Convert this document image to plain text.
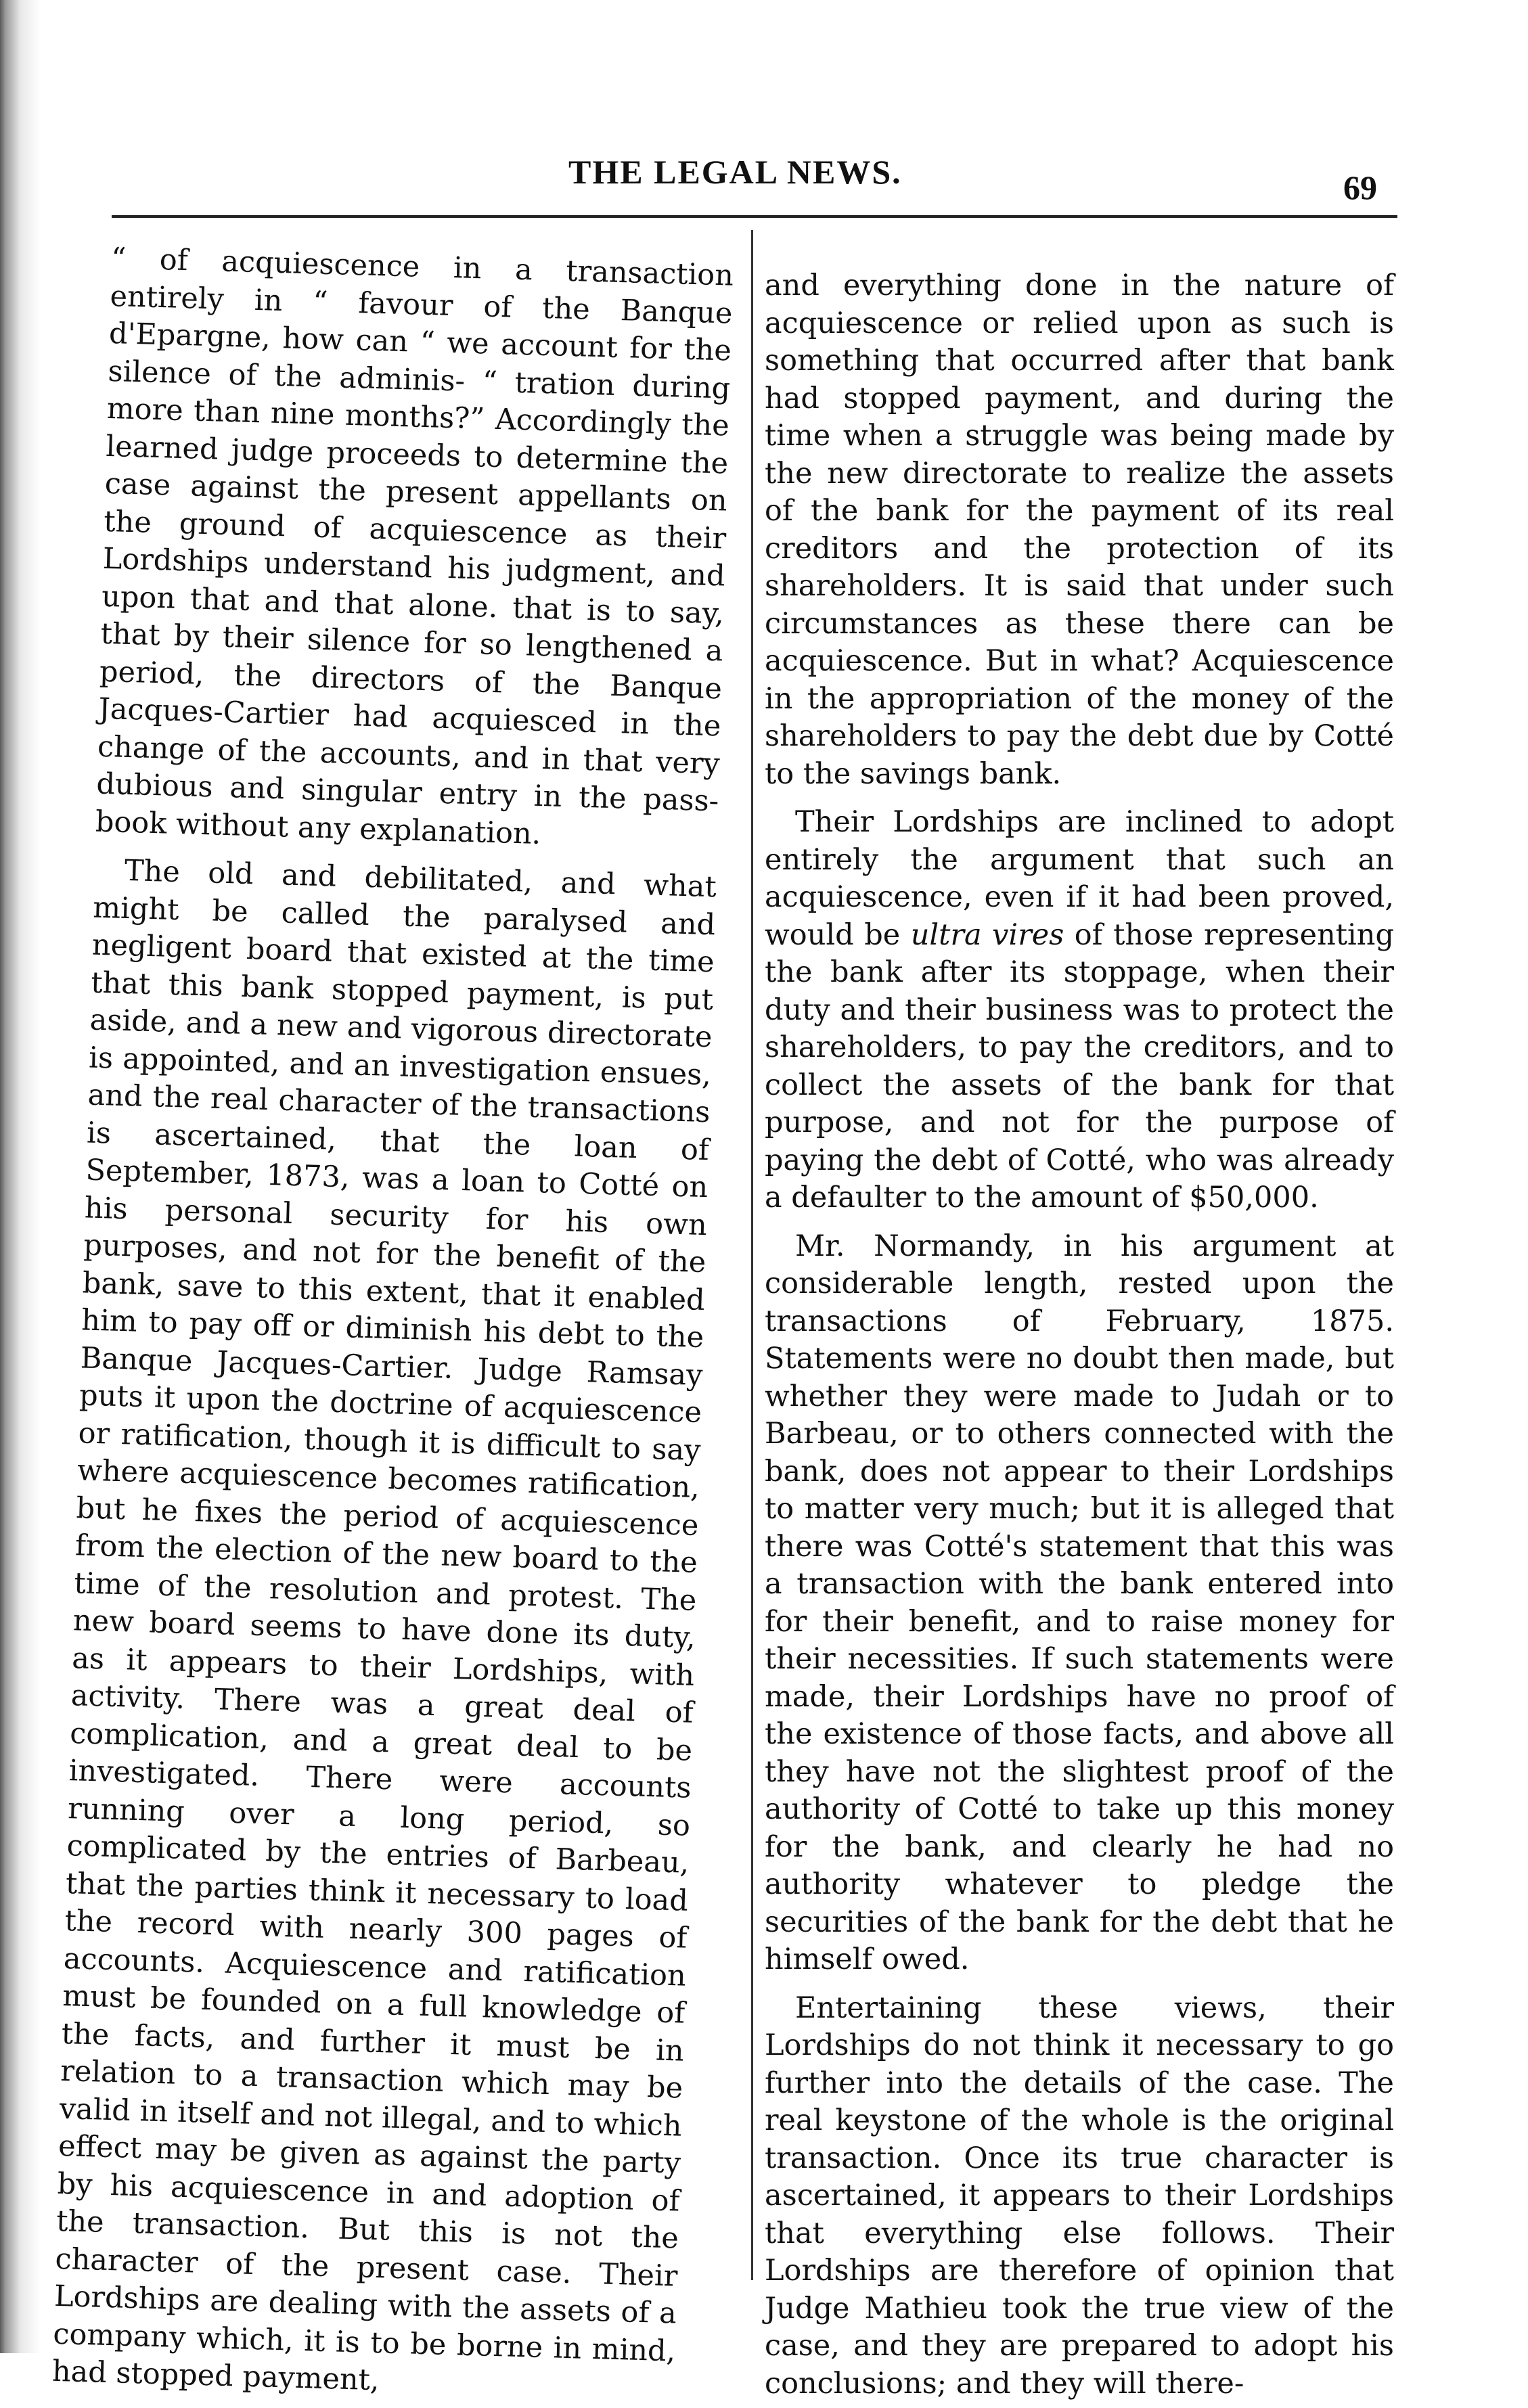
THE LEGAL NEWS.	69

“ of acquiescence in a transaction entirely in “ favour of the Banque d'Epargne, how can “ we account for the silence of the adminis- “ tration during more than nine months?” Accordingly the learned judge proceeds to determine the case against the present appellants on the ground of acquiescence as their Lordships understand his judgment, and upon that and that alone. that is to say, that by their silence for so lengthened a period, the directors of the Banque Jacques-Cartier had acquiesced in the change of the accounts, and in that very dubious and singular entry in the pass-book without any explanation.

The old and debilitated, and what might be called the paralysed and negligent board that existed at the time that this bank stopped payment, is put aside, and a new and vigorous directorate is appointed, and an investigation ensues, and the real character of the transactions is ascertained, that the loan of September, 1873, was a loan to Cotté on his personal security for his own purposes, and not for the benefit of the bank, save to this extent, that it enabled him to pay off or diminish his debt to the Banque Jacques-Cartier. Judge Ramsay puts it upon the doctrine of acquiescence or ratification, though it is difficult to say where acquiescence becomes ratification, but he fixes the period of acquiescence from the election of the new board to the time of the resolution and protest. The new board seems to have done its duty, as it appears to their Lordships, with activity. There was a great deal of complication, and a great deal to be investigated. There were accounts running over a long period, so complicated by the entries of Barbeau, that the parties think it necessary to load the record with nearly 300 pages of accounts. Acquiescence and ratification must be founded on a full knowledge of the facts, and further it must be in relation to a transaction which may be valid in itself and not illegal, and to which effect may be given as against the party by his acquiescence in and adoption of the transaction. But this is not the character of the present case. Their Lordships are dealing with the assets of a company which, it is to be borne in mind, had stopped payment,

and everything done in the nature of acquiescence or relied upon as such is something that occurred after that bank had stopped payment, and during the time when a struggle was being made by the new directorate to realize the assets of the bank for the payment of its real creditors and the protection of its shareholders. It is said that under such circumstances as these there can be acquiescence. But in what? Acquiescence in the appropriation of the money of the shareholders to pay the debt due by Cotté to the savings bank.

Their Lordships are inclined to adopt entirely the argument that such an acquiescence, even if it had been proved, would be ultra vires of those representing the bank after its stoppage, when their duty and their business was to protect the shareholders, to pay the creditors, and to collect the assets of the bank for that purpose, and not for the purpose of paying the debt of Cotté, who was already a defaulter to the amount of $50,000.

Mr. Normandy, in his argument at considerable length, rested upon the transactions of February, 1875. Statements were no doubt then made, but whether they were made to Judah or to Barbeau, or to others connected with the bank, does not appear to their Lordships to matter very much; but it is alleged that there was Cotté's statement that this was a transaction with the bank entered into for their benefit, and to raise money for their necessities. If such statements were made, their Lordships have no proof of the existence of those facts, and above all they have not the slightest proof of the authority of Cotté to take up this money for the bank, and clearly he had no authority whatever to pledge the securities of the bank for the debt that he himself owed.

Entertaining these views, their Lordships do not think it necessary to go further into the details of the case. The real keystone of the whole is the original transaction. Once its true character is ascertained, it appears to their Lordships that everything else follows. Their Lordships are therefore of opinion that Judge Mathieu took the true view of the case, and they are prepared to adopt his conclusions; and they will there-
